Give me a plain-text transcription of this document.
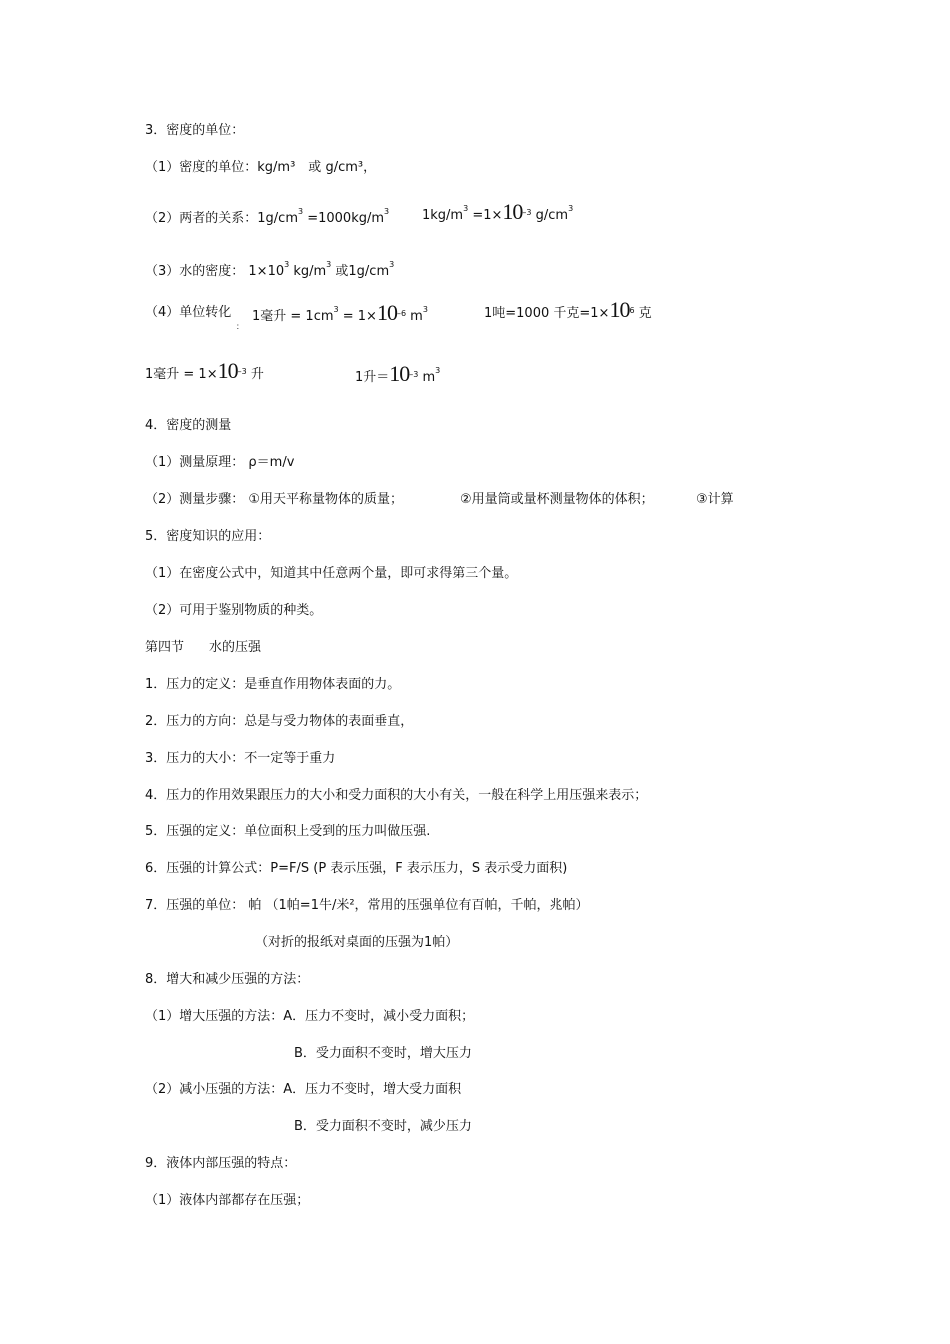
3．密度的单位：
（1）密度的单位：kg/m³　或 g/cm³，
（2）两者的关系：$1g/cm^3 =1000kg/m^3$	$1kg/m^3 =1\times 10^{-3}$ $g/cm^3$
（3）水的密度： $1\times 10^3$ $kg/m^3$ 或$1g/cm^3$
（4）单位转化
：
1毫升 = $1cm^3 = 1\times 10^{-6}$ $m^3$	1吨=1000 千克$=1\times 10^6$ 克
1毫升 = $1\times 10^{-3}$ 升	1升$=10^{-3}$ $m^3$
4．密度的测量
（1）测量原理： ρ＝m/v
（2）测量步骤： ①用天平称量物体的质量；	②用量筒或量杯测量物体的体积；	③计算
5．密度知识的应用：
（1）在密度公式中，知道其中任意两个量，即可求得第三个量。
（2）可用于鉴别物质的种类。
第四节 水的压强
1．压力的定义：是垂直作用物体表面的力。
2．压力的方向：总是与受力物体的表面垂直，
3．压力的大小：不一定等于重力
4．压力的作用效果跟压力的大小和受力面积的大小有关，一般在科学上用压强来表示；
5．压强的定义：单位面积上受到的压力叫做压强.
6．压强的计算公式：P=F/S (P 表示压强，F 表示压力，S 表示受力面积)
7．压强的单位： 帕 （1帕=1牛/米²，常用的压强单位有百帕，千帕，兆帕）
（对折的报纸对桌面的压强为1帕）
8．增大和减少压强的方法：
（1）增大压强的方法：A．压力不变时，减小受力面积；
B．受力面积不变时，增大压力
（2）减小压强的方法：A．压力不变时，增大受力面积
B．受力面积不变时，减少压力
9．液体内部压强的特点：
（1）液体内部都存在压强；
